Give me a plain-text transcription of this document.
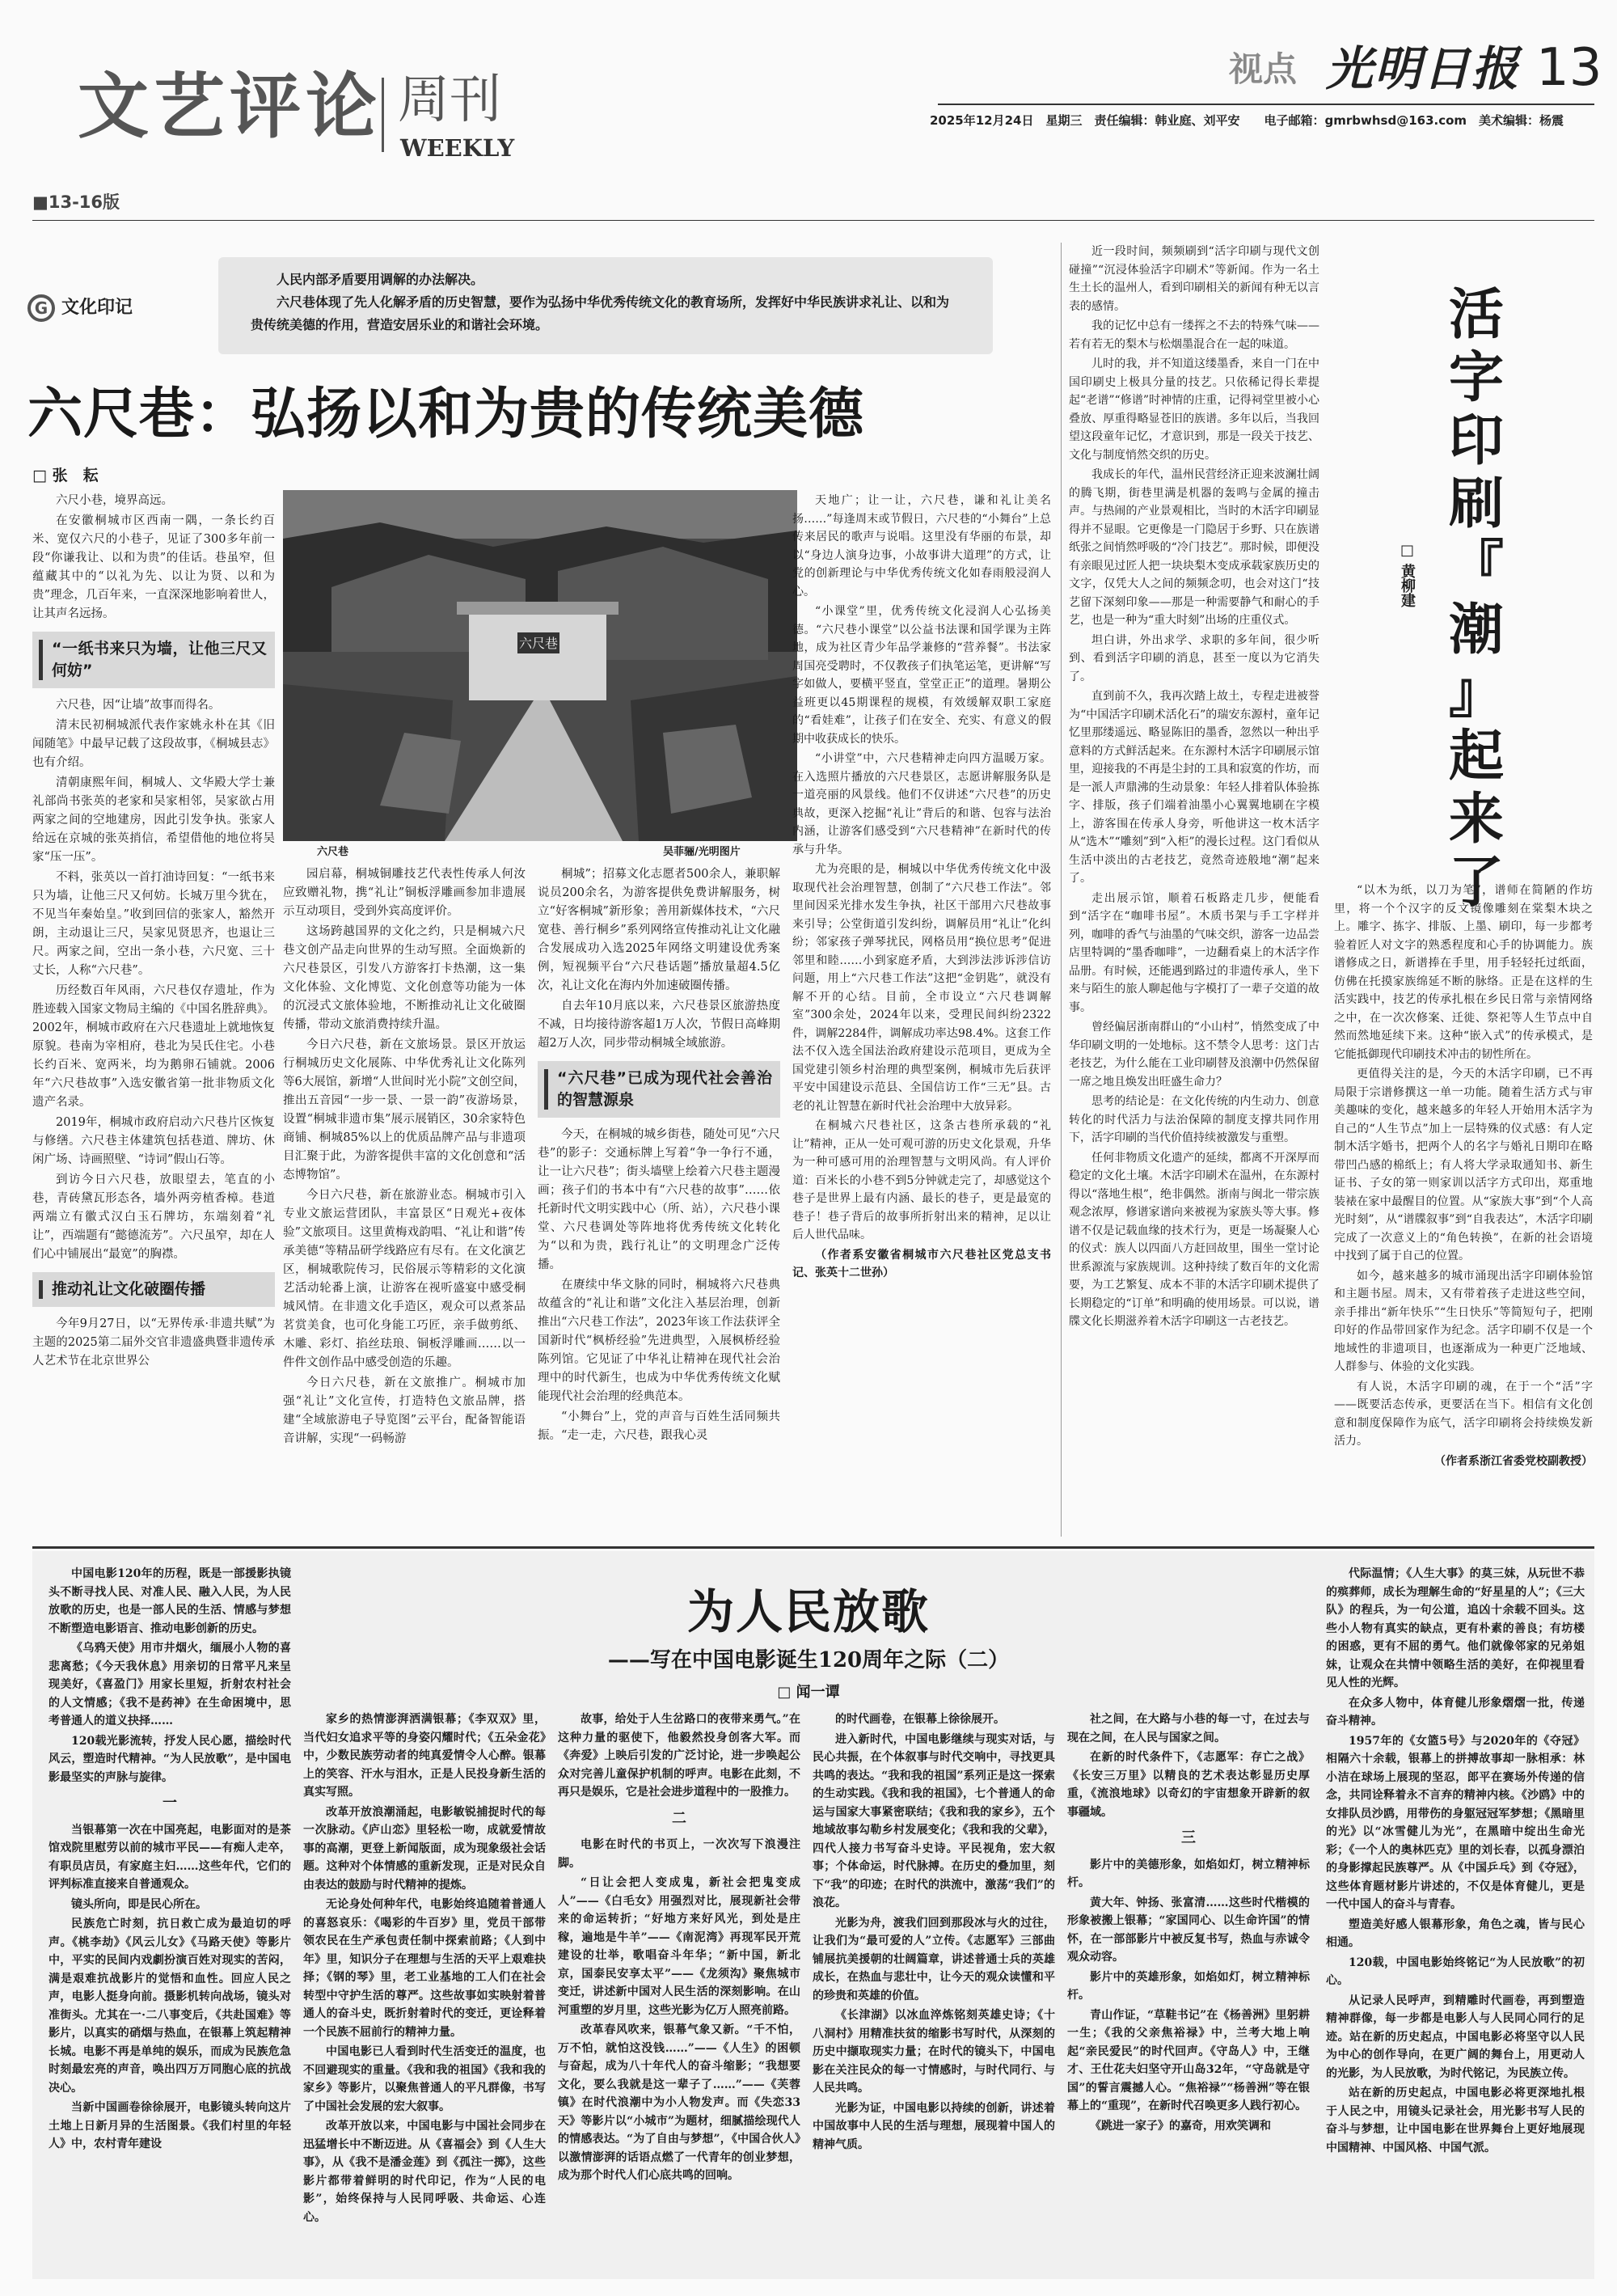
文艺评论 周刊
WEEKLY
■13-16版
视点 光明日报 13
2025年12月24日　星期三　责任编辑：韩业庭、刘平安　　电子邮箱：gmrbwhsd@163.com　美术编辑：杨震
G 文化印记
人民内部矛盾要用调解的办法解决。
六尺巷体现了先人化解矛盾的历史智慧，要作为弘扬中华优秀传统文化的教育场所，发挥好中华民族讲求礼让、以和为贵传统美德的作用，营造安居乐业的和谐社会环境。
六尺巷：弘扬以和为贵的传统美德
□ 张　耘
六尺巷
六尺巷	吴菲骊/光明图片

六尺小巷，境界高远。

在安徽桐城市区西南一隅，一条长约百米、宽仅六尺的小巷子，见证了300多年前一段“你谦我让、以和为贵”的佳话。巷虽窄，但蕴藏其中的“以礼为先、以让为贤、以和为贵”理念，几百年来，一直深深地影响着世人，让其声名远扬。

“一纸书来只为墙，让他三尺又何妨”

六尺巷，因“让墙”故事而得名。

清末民初桐城派代表作家姚永朴在其《旧闻随笔》中最早记载了这段故事，《桐城县志》也有介绍。

清朝康熙年间，桐城人、文华殿大学士兼礼部尚书张英的老家和吴家相邻，吴家欲占用两家之间的空地建房，因此引发争执。张家人给远在京城的张英捎信，希望借他的地位将吴家“压一压”。

不料，张英以一首打油诗回复：“一纸书来只为墙，让他三尺又何妨。长城万里今犹在，不见当年秦始皇。”收到回信的张家人，豁然开朗，主动退让三尺，吴家见贤思齐，也退让三尺。两家之间，空出一条小巷，六尺宽、三十丈长，人称“六尺巷”。

历经数百年风雨，六尺巷仅存遗址，作为胜迹载入国家文物局主编的《中国名胜辞典》。2002年，桐城市政府在六尺巷遗址上就地恢复原貌。巷南为宰相府，巷北为吴氏住宅。小巷长约百米、宽两米，均为鹅卵石铺就。2006年“六尺巷故事”入选安徽省第一批非物质文化遗产名录。

2019年，桐城市政府启动六尺巷片区恢复与修缮。六尺巷主体建筑包括巷道、牌坊、休闲广场、诗画照壁、“诗词”假山石等。

到访今日六尺巷，放眼望去，笔直的小巷，青砖黛瓦形态各，墙外两旁植香樟。巷道两端立有徽式汉白玉石牌坊，东端刻着“礼让”，西端题有“懿德流芳”。六尺虽窄，却在人们心中铺展出“最宽”的胸襟。

推动礼让文化破圈传播

今年9月27日，以“无界传承·非遗共赋”为主题的2025第二届外交官非遗盛典暨非遗传承人艺术节在北京世界公

园启幕，桐城铜雕技艺代表性传承人何汝应致赠礼物，携“礼让”铜板浮雕画参加非遗展示互动项目，受到外宾高度评价。

这场跨越国界的文化之约，只是桐城六尺巷文创产品走向世界的生动写照。全面焕新的六尺巷景区，引发八方游客打卡热潮，这一集文化体验、文化博览、文化创意等功能为一体的沉浸式文旅体验地，不断推动礼让文化破圈传播，带动文旅消费持续升温。

今日六尺巷，新在文旅场景。景区开放运行桐城历史文化展陈、中华优秀礼让文化陈列等6大展馆，新增“人世间时光小院”文创空间，推出五音园“一步一景、一景一韵”夜游场景，设置“桐城非遗市集”展示展销区，30余家特色商铺、桐城85%以上的优质品牌产品与非遗项目汇聚于此，为游客提供丰富的文化创意和“活态博物馆”。

今日六尺巷，新在旅游业态。桐城市引入专业文旅运营团队，丰富景区“日观光+夜体验”文旅项目。这里黄梅戏韵唱、“礼让和谐”传承美德“等精品研学线路应有尽有。在文化演艺区，桐城歌院传习，民俗展示等精彩的文化演艺活动轮番上演，让游客在视听盛宴中感受桐城风情。在非遗文化手造区，观众可以煮茶品茗赏美食，也可化身能工巧匠，亲手做剪纸、木雕、彩灯、掐丝珐琅、铜板浮雕画……以一件件文创作品中感受创造的乐趣。

今日六尺巷，新在文旅推广。桐城市加强“礼让”文化宣传，打造特色文旅品牌，搭建“全域旅游电子导览图”云平台，配备智能语音讲解，实现“一码畅游

桐城”；招募文化志愿者500余人，兼职解说员200余名，为游客提供免费讲解服务，树立“好客桐城”新形象；善用新媒体技术，“六尺宽巷、善行桐乡”系列网络宣传推动礼让文化融合发展成功入选2025年网络文明建设优秀案例，短视频平台“六尺巷话题”播放量超4.5亿次，礼让文化在海内外加速破圈传播。

自去年10月底以来，六尺巷景区旅游热度不减，日均接待游客超1万人次，节假日高峰期超2万人次，同步带动桐城全域旅游。

“六尺巷”已成为现代社会善治的智慧源泉

今天，在桐城的城乡街巷，随处可见“六尺巷”的影子：交通标牌上写着“争一争行不通，让一让六尺巷”；街头墙壁上绘着六尺巷主题漫画；孩子们的书本中有“六尺巷的故事”……依托新时代文明实践中心（所、站），六尺巷小课堂、六尺巷调处等阵地将优秀传统文化转化为“以和为贵，践行礼让”的文明理念广泛传播。

在赓续中华文脉的同时，桐城将六尺巷典故蕴含的“礼让和谐”文化注入基层治理，创新推出“六尺巷工作法”，2023年该工作法获评全国新时代“枫桥经验”先进典型，入展枫桥经验陈列馆。它见证了中华礼让精神在现代社会治理中的时代新生，也成为中华优秀传统文化赋能现代社会治理的经典范本。

“小舞台”上，党的声音与百姓生活同频共振。“走一走，六尺巷，跟我心灵

天地广；让一让，六尺巷，谦和礼让美名扬……”每逢周末或节假日，六尺巷的“小舞台”上总传来居民的歌声与说唱。这里没有华丽的布景，却以“身边人演身边事，小故事讲大道理”的方式，让党的创新理论与中华优秀传统文化如春雨般浸润人心。

“小课堂”里，优秀传统文化浸润人心弘扬美德。“六尺巷小课堂”以公益书法课和国学课为主阵地，成为社区青少年品学兼修的“营养餐”。书法家周国亮受聘时，不仅教孩子们执笔运笔，更讲解“写字如做人，要横平竖直，堂堂正正”的道理。暑期公益班更以45期课程的规模，有效缓解双职工家庭的“看娃难”，让孩子们在安全、充实、有意义的假期中收获成长的快乐。

“小讲堂”中，六尺巷精神走向四方温暖万家。在入选照片播放的六尺巷景区，志愿讲解服务队是一道亮丽的风景线。他们不仅讲述“六尺巷”的历史典故，更深入挖掘“礼让”背后的和谐、包容与法治内涵，让游客们感受到“六尺巷精神”在新时代的传承与升华。

尤为亮眼的是，桐城以中华优秀传统文化中汲取现代社会治理智慧，创制了“六尺巷工作法”。邻里间因采光排水发生争执，社区干部用六尺巷故事来引导；公堂街道引发纠纷，调解员用“礼让”化纠纷；邻家孩子弹琴扰民，网格员用“换位思考”促进邻里和睦……小到家庭矛盾，大到涉法涉诉涉信访问题，用上“六尺巷工作法”这把“金钥匙”，就没有解不开的心结。目前，全市设立“六尺巷调解室”300余处，2024年以来，受理民间纠纷2322件，调解2284件，调解成功率达98.4%。这套工作法不仅入选全国法治政府建设示范项目，更成为全国党建引领乡村治理的典型案例，桐城市先后获评平安中国建设示范县、全国信访工作“三无”县。古老的礼让智慧在新时代社会治理中大放异彩。

在桐城六尺巷社区，这条古巷所承载的“礼让”精神，正从一处可观可游的历史文化景观，升华为一种可感可用的治理智慧与文明风尚。有人评价道：百米长的小巷不到5分钟就走完了，却感觉这个巷子是世界上最有内涵、最长的巷子，更是最宽的巷子！巷子背后的故事所折射出来的精神，足以让后人世代品味。

（作者系安徽省桐城市六尺巷社区党总支书记、张英十二世孙）

近一段时间，频频刷到“活字印刷与现代文创碰撞”“沉浸体验活字印刷术”等新闻。作为一名土生土长的温州人，看到印刷相关的新闻有种无以言表的感情。

我的记忆中总有一缕挥之不去的特殊气味——若有若无的梨木与松烟墨混合在一起的味道。

儿时的我，并不知道这缕墨香，来自一门在中国印刷史上极具分量的技艺。只依稀记得长辈提起“老谱”“修谱”时神情的庄重，记得祠堂里被小心叠放、厚重得略显苍旧的族谱。多年以后，当我回望这段童年记忆，才意识到，那是一段关于技艺、文化与制度悄然交织的历史。

我成长的年代，温州民营经济正迎来波澜壮阔的腾飞期，街巷里满是机器的轰鸣与金属的撞击声。与热闹的产业景观相比，当时的木活字印刷显得并不显眼。它更像是一门隐居于乡野、只在族谱纸张之间悄然呼吸的“冷门技艺”。那时候，即便没有亲眼见过匠人把一块块梨木变成承载家族历史的文字，仅凭大人之间的频频念叨，也会对这门“技艺留下深刻印象——那是一种需要静气和耐心的手艺，也是一种为“重大时刻”出场的庄重仪式。

坦白讲，外出求学、求职的多年间，很少听到、看到活字印刷的消息，甚至一度以为它消失了。

直到前不久，我再次踏上故土，专程走进被誉为“中国活字印刷术活化石”的瑞安东源村，童年记忆里那缕遥远、略显陈旧的墨香，忽然以一种出乎意料的方式鲜活起来。在东源村木活字印刷展示馆里，迎接我的不再是尘封的工具和寂寞的作坊，而是一派人声鼎沸的生动景象：年轻人排着队体验拣字、排版，孩子们端着油墨小心翼翼地刷在字模上，游客围在传承人身旁，听他讲这一枚木活字从“选木”“雕刻”到“入柜”的漫长过程。这门看似从生活中淡出的古老技艺，竟然奇迹般地“潮”起来了。

走出展示馆，顺着石板路走几步，便能看到“活字在“咖啡书屋”。木质书架与手工字样并列，咖啡的香气与油墨的气味交织，游客一边品尝店里特调的“墨香咖啡”，一边翻看桌上的木活字作品册。有时候，还能遇到路过的非遗传承人，坐下来与陌生的旅人聊起他与字模打了一辈子交道的故事。

曾经偏居浙南群山的“小山村”，悄然变成了中华印刷文明的一处地标。这不禁令人思考：这门古老技艺，为什么能在工业印刷替及浪潮中仍然保留一席之地且焕发出旺盛生命力？

思考的结论是：在文化传统的内生动力、创意转化的时代活力与法治保障的制度支撑共同作用下，活字印刷的当代价值持续被激发与重塑。

任何非物质文化遗产的延续，都离不开深厚而稳定的文化土壤。木活字印刷术在温州，在东源村得以“落地生根”，绝非偶然。浙南与闽北一带宗族观念浓厚，修谱家谱向来被视为家族头等大事。修谱不仅是记载血缘的技术行为，更是一场凝聚人心的仪式：族人以四面八方赶回故里，围坐一堂讨论世系源流与家族规训。这种持续了数百年的文化需要，为工艺繁复、成本不菲的木活字印刷术提供了长期稳定的“订单”和明确的使用场景。可以说，谱牒文化长期滋养着木活字印刷这一古老技艺。

活
字
印
刷
『
潮
』
起
来
了
□ 黄柳建

“以木为纸，以刀为笔”，谱师在简陋的作坊里，将一个个汉字的反文镜像雕刻在棠梨木块之上。雕字、拣字、排版、上墨、刷印，每一步都考验着匠人对文字的熟悉程度和心手的协调能力。族谱修成之日，新谱捧在手里，用手轻轻托过纸面，仿佛在托摸家族绵延不断的脉络。正是在这样的生活实践中，技艺的传承扎根在乡民日常与亲情网络之中，在一次次修案、迁徙、祭祀等人生节点中自然而然地延续下来。这种“嵌入式”的传承模式，是它能抵御现代印刷技术冲击的韧性所在。

更值得关注的是，今天的木活字印刷，已不再局限于宗谱修撰这一单一功能。随着生活方式与审美趣味的变化，越来越多的年轻人开始用木活字为自己的“人生节点”加上一层特殊的仪式感：有人定制木活字婚书，把两个人的名字与婚礼日期印在略带凹凸感的棉纸上；有人将大学录取通知书、新生证书、子女的第一则家训以活字方式印出，郑重地装裱在家中最醒目的位置。从“家族大事”到“个人高光时刻”，从“谱牒叙事”到“自我表达”，木活字印刷完成了一次意义上的“角色转换”，在新的社会语境中找到了属于自己的位置。

如今，越来越多的城市涌现出活字印刷体验馆和主题书屋。周末，又有带着孩子走进这些空间，亲手排出“新年快乐”“生日快乐”等简短句子，把刚印好的作品带回家作为纪念。活字印刷不仅是一个地域性的非遗项目，也逐渐成为一种更广泛地域、人群参与、体验的文化实践。

有人说，木活字印刷的魂，在于一个“活”字——既要活态传承，更要活在当下。相信有文化创意和制度保障作为底气，活字印刷将会持续焕发新活力。

（作者系浙江省委党校副教授）

为人民放歌
——写在中国电影诞生120周年之际（二）
□ 闻一谭

中国电影120年的历程，既是一部援影执镜头不断寻找人民、对准人民、融入人民，为人民放歌的历史，也是一部人民的生活、情感与梦想不断塑造电影语言、推动电影创新的历史。

《乌鸦天使》用市井烟火，缅展小人物的喜悲离愁；《今天我休息》用亲切的日常平凡来呈现美好，《喜盈门》用家长里短，折射农村社会的人文情感；《我不是药神》在生命困境中，思考普通人的道义抉择……

120载光影流转，抒发人民心愿，描绘时代风云，塑造时代精神。“为人民放歌”，是中国电影最坚实的声脉与旋律。

一

当银幕第一次在中国亮起，电影面对的是茶馆戏院里慰劳以前的城市平民——有痴人走卒，有职员店员，有家庭主妇……这些年代，它们的评判标准直接来自普通观众。

镜头所向，即是民心所在。

民族危亡时刻，抗日救亡成为最迫切的呼声。《桃李劫》《风云儿女》《马路天使》等影片中，平实的民间内戏劇扮演百姓对现实的苦闷，满是艰难抗战影片的觉悟和血性。回应人民之声，电影人挺身向前。摄影机转向战场，镜头对准街头。尤其在一·二八事变后，《共赴国难》等影片，以真实的硝烟与热血，在银幕上筑起精神长城。电影不再是单纯的娱乐，而成为民族危急时刻最宏亮的声音，唤出四万万同胞心底的抗战决心。

当新中国画卷徐徐展开，电影镜头转向这片土地上日新月异的生活图景。《我们村里的年轻人》中，农村青年建设

家乡的热情澎湃洒满银幕；《李双双》里，当代妇女追求平等的身姿闪耀时代；《五朵金花》中，少数民族劳动者的纯真爱情令人心醉。银幕上的笑容、汗水与泪水，正是人民投身新生活的真实写照。

改革开放浪潮涌起，电影敏锐捕捉时代的每一次脉动。《庐山恋》里轻松一吻，成就爱情故事的高潮，更登上新闻版面，成为现象级社会话题。这种对个体情感的重新发现，正是对民众自由表达的鼓励与时代精神的提炼。

无论身处何种年代，电影始终追随着普通人的喜怒哀乐：《喝彩的牛百岁》里，党员干部带领农民在生产承包责任制中探索前路；《人到中年》里，知识分子在理想与生活的天平上艰难抉择；《钢的琴》里，老工业基地的工人们在社会转型中守护生活的尊严。这些故事如实映射着普通人的奋斗史，既折射着时代的变迁，更诠释着一个民族不屈前行的精神力量。

中国电影已人看到时代生活变迁的温度，也不回避现实的重量。《我和我的祖国》《我和我的家乡》等影片，以聚焦普通人的平凡群像，书写了中国社会发展的宏大叙事。

改革开放以来，中国电影与中国社会同步在迅猛增长中不断迈进。从《喜福会》到《人生大事》，从《我不是潘金莲》到《孤注一掷》，这些影片都带着鲜明的时代印记，作为“人民的电影”，始终保持与人民同呼吸、共命运、心连心。

故事，给处于人生岔路口的夜带来勇气。”在这种力量的驱使下，他毅然投身创客大军。而《奔爱》上映后引发的广泛讨论，进一步唤起公众对完善儿童保护机制的呼声。电影在此刻，不再只是娱乐，它是社会进步道程中的一股推力。

二

电影在时代的书页上，一次次写下浪漫注脚。

“日让会把人变成鬼，新社会把鬼变成人”——《白毛女》用强烈对比，展现新社会带来的命运转折；“好地方来好风光，到处是庄稼，遍地是牛羊”——《南泥湾》再现军民开荒建设的壮举，歌唱奋斗年华；“新中国，新北京，国泰民安享太平”——《龙须沟》聚焦城市变迁，讲述新中国对人民生活的深刻影响。在山河重塑的岁月里，这些光影为亿万人照亮前路。

改革春风吹来，银幕气象又新。“千不怕，万不怕，就怕这没钱……”——《人生》的困顿与奋起，成为八十年代人的奋斗缩影；“我想要文化，要么我就是这一辈子了……”——《芙蓉镇》在时代浪潮中为小人物发声。而《失恋33天》等影片以“小城市”为题材，细腻描绘现代人的情感表达。“为了自由与梦想”，《中国合伙人》以激情澎湃的话语点燃了一代青年的创业梦想，成为那个时代人们心底共鸣的回响。

的时代画卷，在银幕上徐徐展开。

进入新时代，中国电影继续与现实对话，与民心共振，在个体叙事与时代交响中，寻找更具共鸣的表达。“我和我的祖国”系列正是这一探索的生动实践。《我和我的祖国》，七个普通人的命运与国家大事紧密联结；《我和我的家乡》，五个地域故事勾勒乡村发展变化；《我和我的父辈》，四代人接力书写奋斗史诗。平民视角，宏大叙事；个体命运，时代脉搏。在历史的叠加里，刻下“我”的印迹；在时代的洪流中，激荡“我们”的浪花。

光影为舟，渡我们回到那段冰与火的过往，让我们为“最可爱的人”立传。《志愿军》三部曲铺展抗美援朝的壮阔篇章，讲述普通士兵的英雄成长，在热血与悲壮中，让今天的观众读懂和平的珍贵和英雄的价值。

《长津湖》以冰血淬炼铭刻英雄史诗；《十八洞村》用精准扶贫的缩影书写时代，从深刻的历史中撷取现实力量；在时代的镜头下，中国电影在关注民众的每一寸情感时，与时代同行、与人民共鸣。

光影为证，中国电影以持续的创新，讲述着中国故事中人民的生活与理想，展现着中国人的精神气质。

社之间，在大路与小巷的每一寸，在过去与现在之间，在人民与国家之间。

在新的时代条件下，《志愿军：存亡之战》《长安三万里》以精良的艺术表达彰显历史厚重，《流浪地球》以奇幻的宇宙想象开辟新的叙事疆域。

三

影片中的美德形象，如焰如灯，树立精神标杆。

黄大年、钟扬、张富清……这些时代楷模的形象被搬上银幕；“家国同心、以生命许国”的情怀，在一部部影片中被反复书写，热血与赤诚令观众动容。

影片中的英雄形象，如焰如灯，树立精神标杆。

青山作证，“草鞋书记”在《杨善洲》里躬耕一生；《我的父亲焦裕禄》中，兰考大地上响起“亲民爱民”的时代回声。《守岛人》中，王继才、王仕花夫妇坚守开山岛32年，“守岛就是守国”的誓言震撼人心。“焦裕禄”“杨善洲”等在银幕上的“重现”，在新时代召唤更多人践行初心。

《跳进一家子》的嘉奇，用欢笑调和

代际温情；《人生大事》的莫三妹，从玩世不恭的殡葬师，成长为理解生命的“好星星的人”；《三大队》的程兵，为一句公道，追凶十余载不回头。这些小人物有真实的缺点，更有朴素的善良；有坊楼的困惑，更有不屈的勇气。他们就像邻家的兄弟姐妹，让观众在共情中领略生活的美好，在仰视里看见人性的光辉。

在众多人物中，体育健儿形象熠熠一批，传递奋斗精神。

1957年的《女篮5号》与2020年的《夺冠》相隔六十余载，银幕上的拼搏故事却一脉相承：林小洁在球场上展现的坚忍，郎平在赛场外传递的信念，共同诠释着永不言弃的精神内核。《沙鸥》中的女排队员沙鸥，用带伤的身躯冠冠军梦想；《黑暗里的光》以“冰雪健儿为光”，在黑暗中绽出生命光彩；《一个人的奥林匹克》里的刘长春，以孤身漂泊的身影撑起民族尊严。从《中国乒乓》到《夺冠》，这些体育题材影片讲述的，不仅是体育健儿，更是一代中国人的奋斗与青春。

塑造美好感人银幕形象，角色之魂，皆与民心相通。

120载，中国电影始终铭记“为人民放歌”的初心。

从记录人民呼声，到精雕时代画卷，再到塑造精神群像，每一步都是电影人与人民同心同行的足迹。站在新的历史起点，中国电影必将坚守以人民为中心的创作导向，在更广阔的舞台上，用更动人的光影，为人民放歌，为时代铭记，为民族立传。

站在新的历史起点，中国电影必将更深地扎根于人民之中，用镜头记录社会，用光影书写人民的奋斗与梦想，让中国电影在世界舞台上更好地展现中国精神、中国风格、中国气派。
